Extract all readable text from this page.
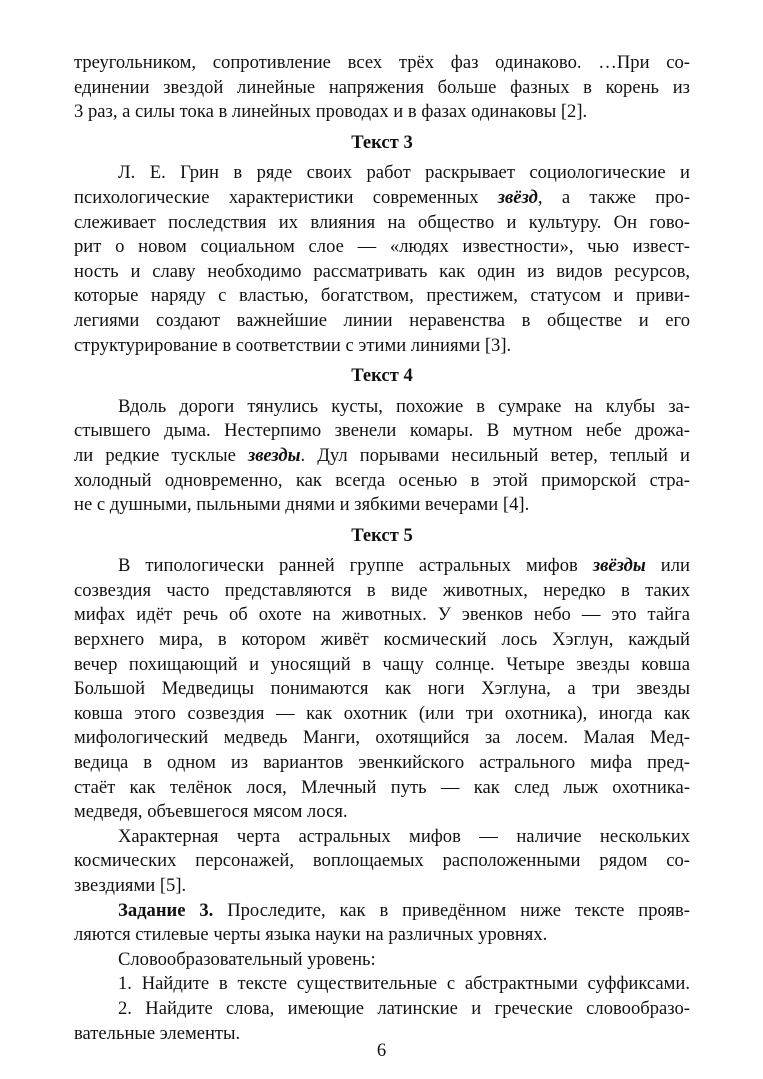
треугольником, сопротивление всех трёх фаз одинаково. …При со-
единении звездой линейные напряжения больше фазных в корень из
3 раз, а силы тока в линейных проводах и в фазах одинаковы [2].
Текст 3
Л. Е. Грин в ряде своих работ раскрывает социологические и
психологические характеристики современных звёзд, а также про-
слеживает последствия их влияния на общество и культуру. Он гово-
рит о новом социальном слое — «людях известности», чью извест-
ность и славу необходимо рассматривать как один из видов ресурсов,
которые наряду с властью, богатством, престижем, статусом и приви-
легиями создают важнейшие линии неравенства в обществе и его
структурирование в соответствии с этими линиями [3].
Текст 4
Вдоль дороги тянулись кусты, похожие в сумраке на клубы за-
стывшего дыма. Нестерпимо звенели комары. В мутном небе дрожа-
ли редкие тусклые звезды. Дул порывами несильный ветер, теплый и
холодный одновременно, как всегда осенью в этой приморской стра-
не с душными, пыльными днями и зябкими вечерами [4].
Текст 5
В типологически ранней группе астральных мифов звёзды или
созвездия часто представляются в виде животных, нередко в таких
мифах идёт речь об охоте на животных. У эвенков небо — это тайга
верхнего мира, в котором живёт космический лось Хэглун, каждый
вечер похищающий и уносящий в чащу солнце. Четыре звезды ковша
Большой Медведицы понимаются как ноги Хэглуна, а три звезды
ковша этого созвездия — как охотник (или три охотника), иногда как
мифологический медведь Манги, охотящийся за лосем. Малая Мед-
ведица в одном из вариантов эвенкийского астрального мифа пред-
стаёт как телёнок лося, Млечный путь — как след лыж охотника-
медведя, объевшегося мясом лося.
Характерная черта астральных мифов — наличие нескольких
космических персонажей, воплощаемых расположенными рядом со-
звездиями [5].
Задание 3. Проследите, как в приведённом ниже тексте прояв-
ляются стилевые черты языка науки на различных уровнях.
Словообразовательный уровень:
1. Найдите в тексте существительные с абстрактными суффиксами.
2. Найдите слова, имеющие латинские и греческие словообразо-
вательные элементы.
6
